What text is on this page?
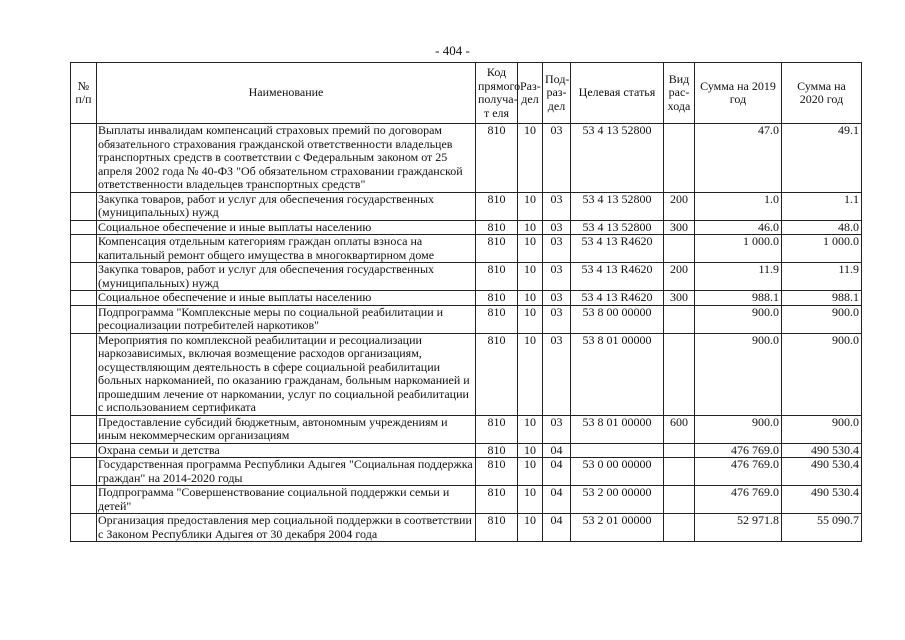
- 404 -
№ п/п	Наименование	Код прямого получа-т еля	Раз- дел	Под- раз- дел	Целевая статья	Вид рас- хода	Сумма на 2019 год	Сумма на 2020 год
	Выплаты инвалидам компенсаций страховых премий по договорам обязательного страхования гражданской ответственности владельцев транспортных средств в соответствии с Федеральным законом от 25 апреля 2002 года № 40-ФЗ "Об обязательном страховании гражданской ответственности владельцев транспортных средств"	810	10	03	53 4 13 52800		47.0	49.1
	Закупка товаров, работ и услуг для обеспечения государственных (муниципальных) нужд	810	10	03	53 4 13 52800	200	1.0	1.1
	Социальное обеспечение и иные выплаты населению	810	10	03	53 4 13 52800	300	46.0	48.0
	Компенсация отдельным категориям граждан оплаты взноса на капитальный ремонт общего имущества в многоквартирном доме	810	10	03	53 4 13 R4620		1 000.0	1 000.0
	Закупка товаров, работ и услуг для обеспечения государственных (муниципальных) нужд	810	10	03	53 4 13 R4620	200	11.9	11.9
	Социальное обеспечение и иные выплаты населению	810	10	03	53 4 13 R4620	300	988.1	988.1
	Подпрограмма "Комплексные меры по социальной реабилитации и ресоциализации потребителей наркотиков"	810	10	03	53 8 00 00000		900.0	900.0
	Мероприятия по комплексной реабилитации и ресоциализации наркозависимых, включая возмещение расходов организациям, осуществляющим деятельность в сфере социальной реабилитации больных наркоманией, по оказанию гражданам, больным наркоманией и прошедшим лечение от наркомании, услуг по социальной реабилитации с использованием сертификата	810	10	03	53 8 01 00000		900.0	900.0
	Предоставление субсидий бюджетным, автономным учреждениям и иным некоммерческим организациям	810	10	03	53 8 01 00000	600	900.0	900.0
	Охрана семьи и детства	810	10	04			476 769.0	490 530.4
	Государственная программа Республики Адыгея "Социальная поддержка граждан" на 2014-2020 годы	810	10	04	53 0 00 00000		476 769.0	490 530.4
	Подпрограмма "Совершенствование социальной поддержки семьи и детей"	810	10	04	53 2 00 00000		476 769.0	490 530.4
	Организация предоставления мер социальной поддержки в соответствии с Законом Республики Адыгея от 30 декабря 2004 года	810	10	04	53 2 01 00000		52 971.8	55 090.7
